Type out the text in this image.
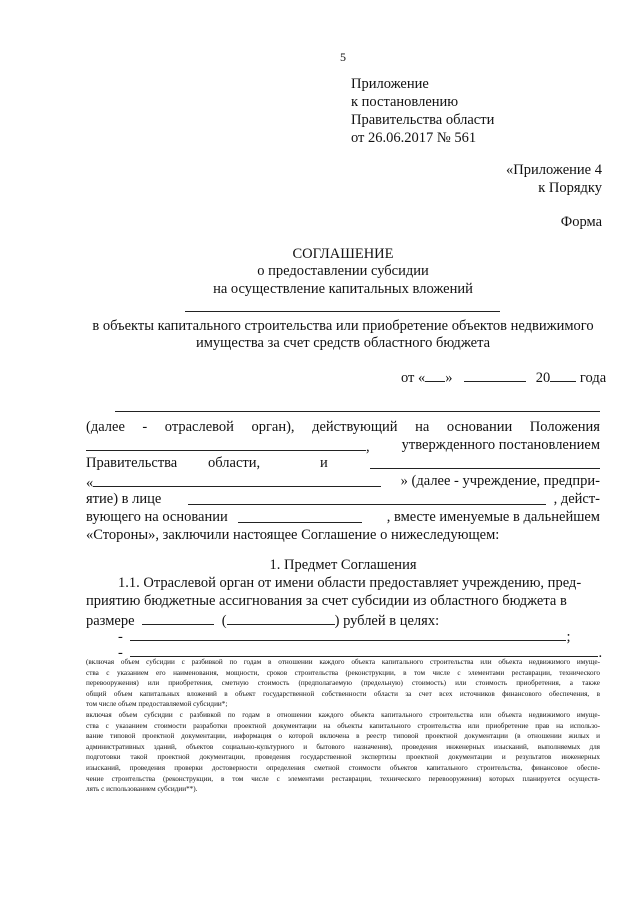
5
Приложение
к постановлению
Правительства области
от 26.06.2017 № 561
«Приложение 4
к Порядку
Форма
СОГЛАШЕНИЕ
о предоставлении субсидии
на осуществление капитальных вложений
в объекты капитального строительства или приобретение объектов недвижимого
имущества за счет средств областного бюджета
от « »	20 года
(далее - отраслевой орган), действующий на основании Положения
, утвержденного постановлением
Правительства области,	и
«	» (далее - учреждение, предпри-
ятие) в лице	, дейст-
вующего на основании	, вместе именуемые в дальнейшем
«Стороны», заключили настоящее Соглашение о нижеследующем:
1. Предмет Соглашения
1.1. Отраслевой орган от имени области предоставляет учреждению, пред-
приятию бюджетные ассигнования за счет субсидии из областного бюджета в
размере	(	) рублей в целях:
-	;
-	.
(включая объем субсидии с разбивкой по годам в отношении каждого объекта капитального строительства или объекта недвижимого имуще-
ства с указанием его наименования, мощности, сроков строительства (реконструкции, в том числе с элементами реставрации, технического
перевооружения) или приобретения, сметную стоимость (предполагаемую (предельную) стоимость) или стоимость приобретения, а также
общий объем капитальных вложений в объект государственной собственности области за счет всех источников финансового обеспечения, в
том числе объем предоставляемой субсидии*;
включая объем субсидии с разбивкой по годам в отношении каждого объекта капитального строительства или объекта недвижимого имуще-
ства с указанием стоимости разработки проектной документации на объекты капитального строительства или приобретение прав на использо-
вание типовой проектной документации, информация о которой включена в реестр типовой проектной документации (в отношении жилых и
административных зданий, объектов социально-культурного и бытового назначения), проведения инженерных изысканий, выполняемых для
подготовки такой проектной документации, проведения государственной экспертизы проектной документации и результатов инженерных
изысканий, проведения проверки достоверности определения сметной стоимости объектов капитального строительства, финансовое обеспе-
чение строительства (реконструкции, в том числе с элементами реставрации, технического перевооружения) которых планируется осуществ-
лять с использованием субсидии**).
